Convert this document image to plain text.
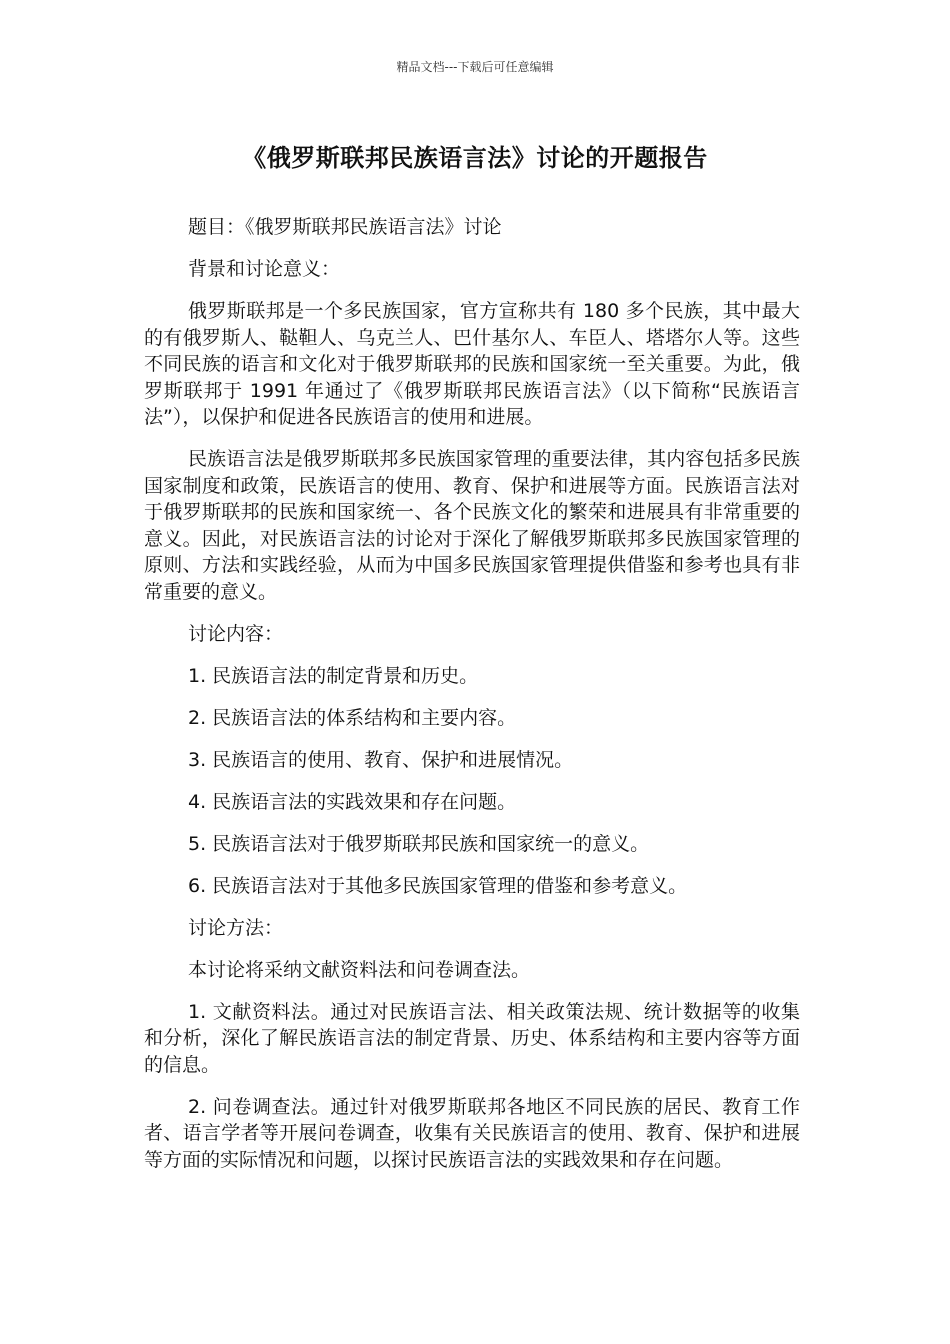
精品文档---下载后可任意编辑
《俄罗斯联邦民族语言法》讨论的开题报告

题目：《俄罗斯联邦民族语言法》讨论

背景和讨论意义：

俄罗斯联邦是一个多民族国家，官方宣称共有 180 多个民族，其中最大的有俄罗斯人、鞑靼人、乌克兰人、巴什基尔人、车臣人、塔塔尔人等。这些不同民族的语言和文化对于俄罗斯联邦的民族和国家统一至关重要。为此，俄罗斯联邦于 1991 年通过了《俄罗斯联邦民族语言法》（以下简称“民族语言法”），以保护和促进各民族语言的使用和进展。

民族语言法是俄罗斯联邦多民族国家管理的重要法律，其内容包括多民族国家制度和政策，民族语言的使用、教育、保护和进展等方面。民族语言法对于俄罗斯联邦的民族和国家统一、各个民族文化的繁荣和进展具有非常重要的意义。因此，对民族语言法的讨论对于深化了解俄罗斯联邦多民族国家管理的原则、方法和实践经验，从而为中国多民族国家管理提供借鉴和参考也具有非常重要的意义。

讨论内容：

1. 民族语言法的制定背景和历史。

2. 民族语言法的体系结构和主要内容。

3. 民族语言的使用、教育、保护和进展情况。

4. 民族语言法的实践效果和存在问题。

5. 民族语言法对于俄罗斯联邦民族和国家统一的意义。

6. 民族语言法对于其他多民族国家管理的借鉴和参考意义。

讨论方法：

本讨论将采纳文献资料法和问卷调查法。

1. 文献资料法。通过对民族语言法、相关政策法规、统计数据等的收集和分析，深化了解民族语言法的制定背景、历史、体系结构和主要内容等方面的信息。

2. 问卷调查法。通过针对俄罗斯联邦各地区不同民族的居民、教育工作者、语言学者等开展问卷调查，收集有关民族语言的使用、教育、保护和进展等方面的实际情况和问题，以探讨民族语言法的实践效果和存在问题。
